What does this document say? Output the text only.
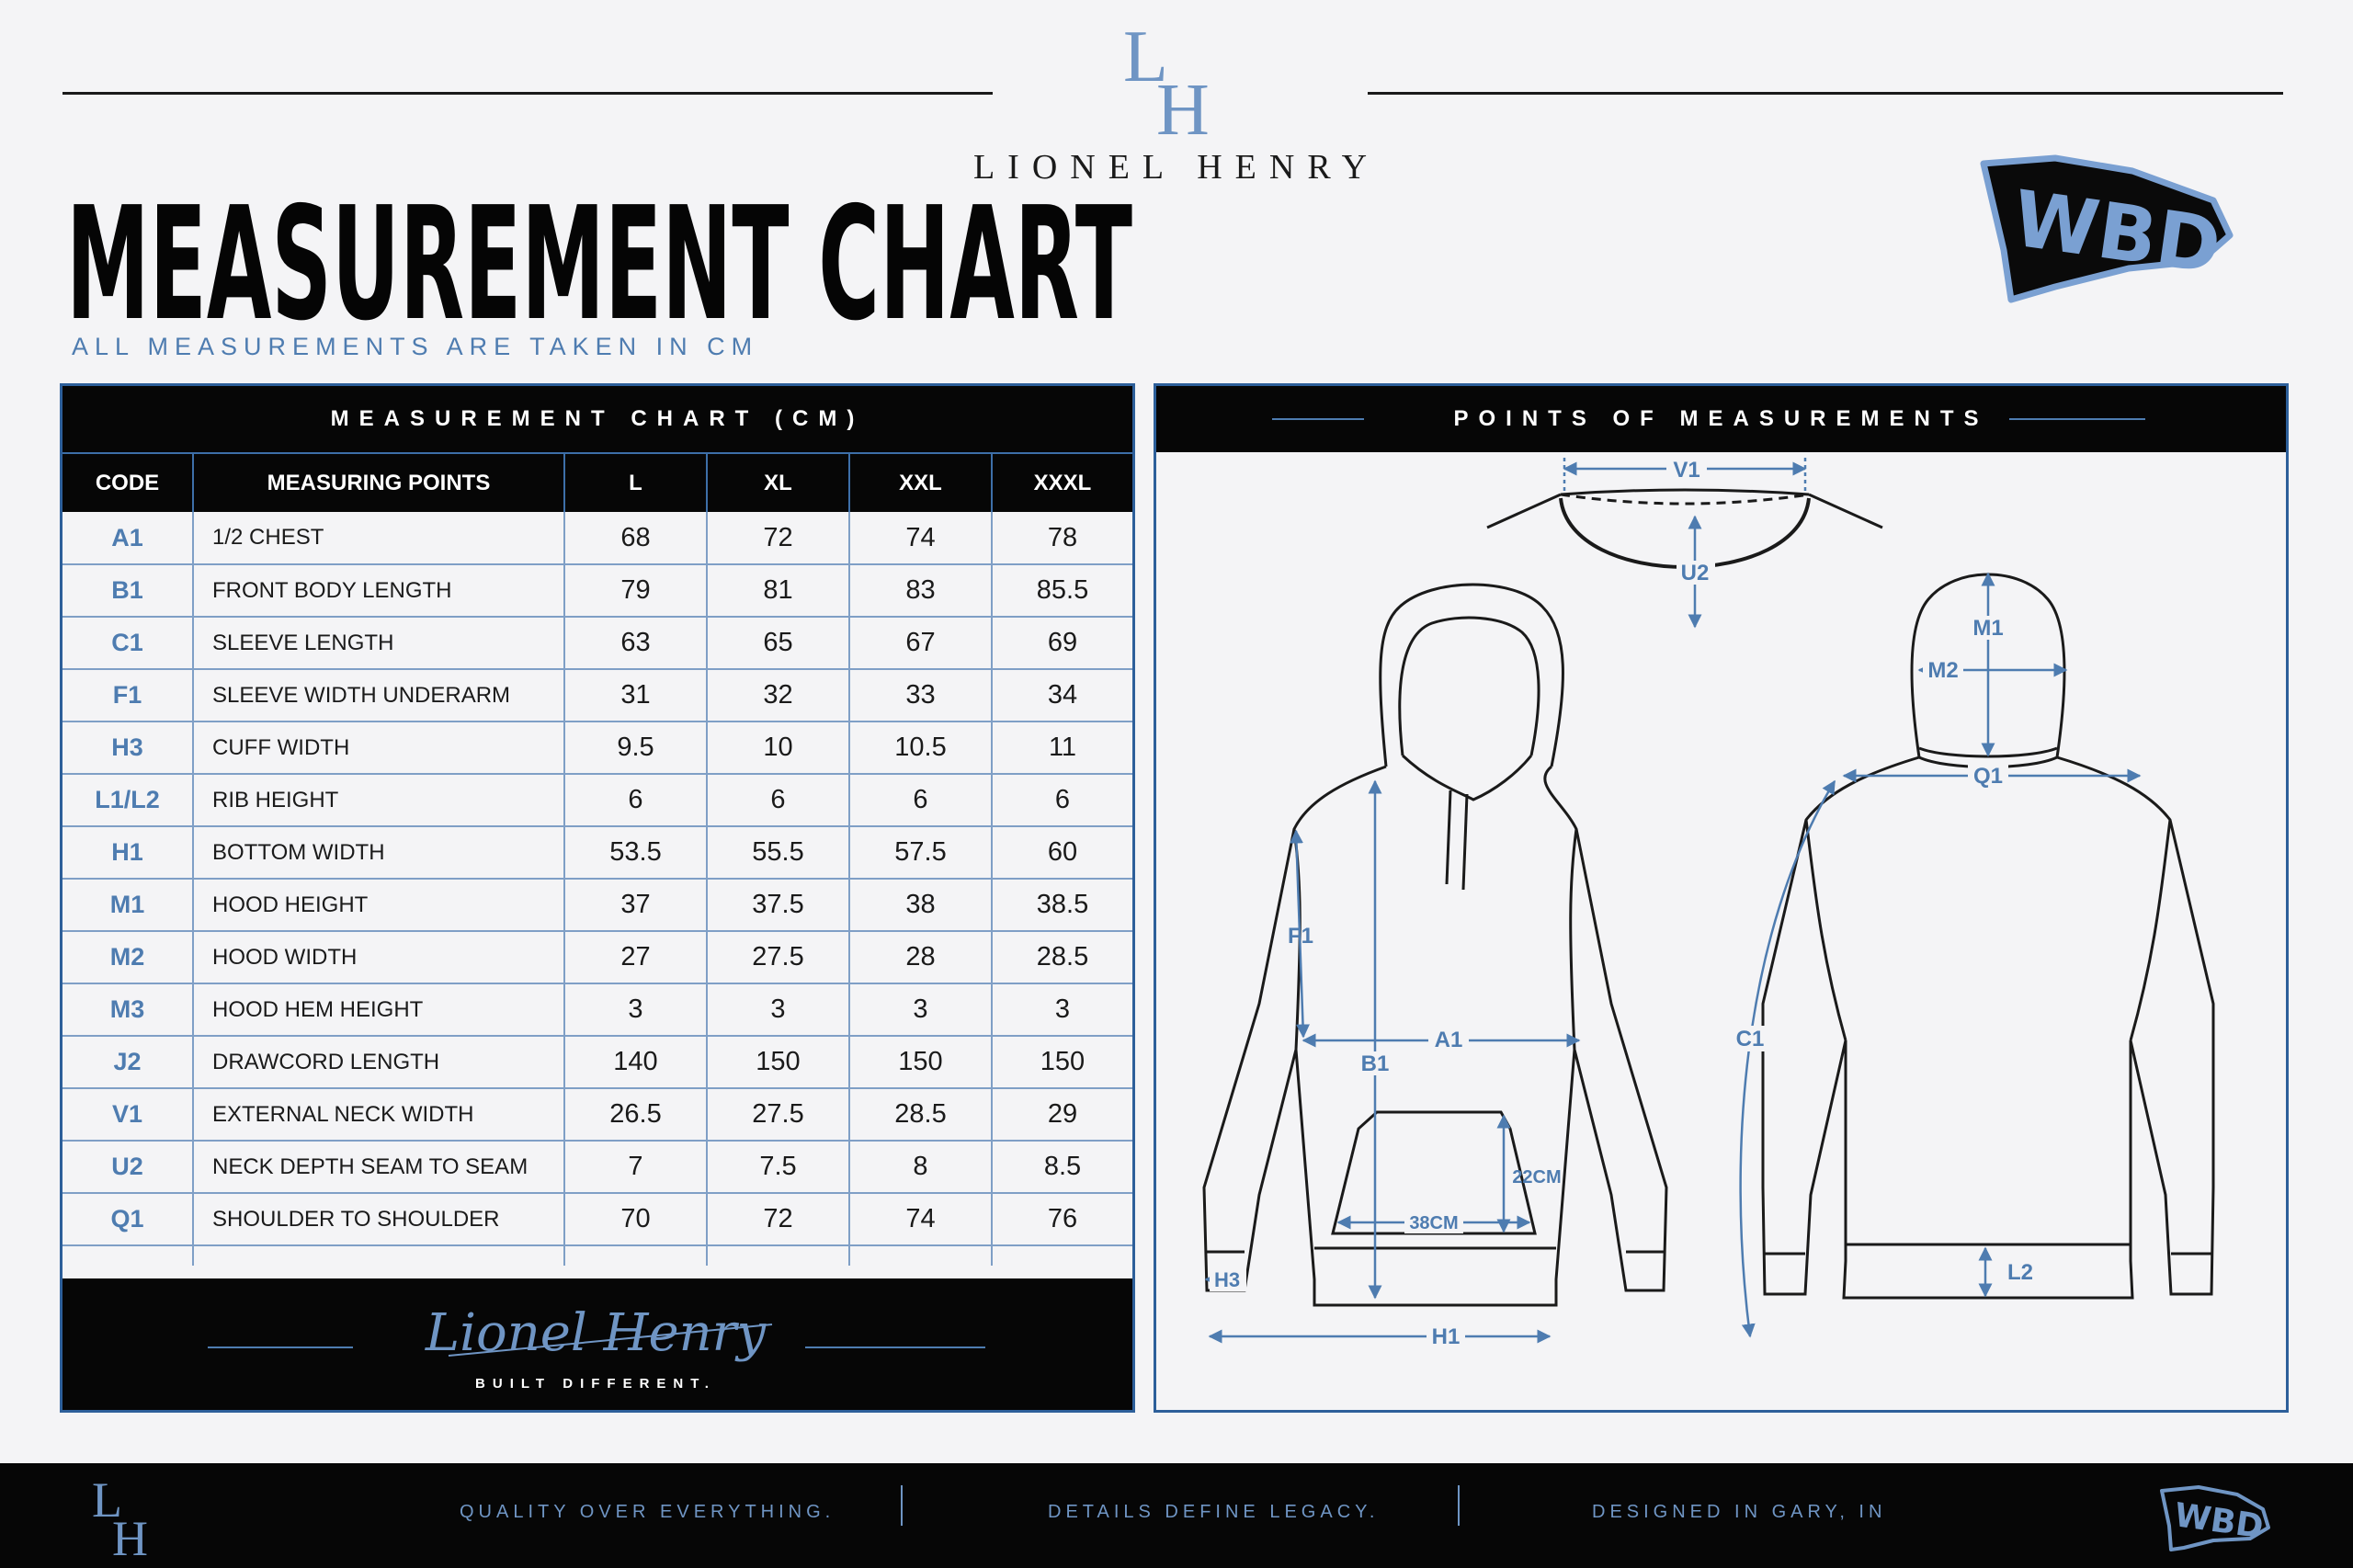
L
H
LIONEL HENRY
MEASUREMENT CHART
ALL MEASUREMENTS ARE TAKEN IN CM
WBD
MEASUREMENT CHART (CM)
CODE	MEASURING POINTS	L	XL	XXL	XXXL
A1	1/2 CHEST	68	72	74	78
B1	FRONT BODY LENGTH	79	81	83	85.5
C1	SLEEVE LENGTH	63	65	67	69
F1	SLEEVE WIDTH UNDERARM	31	32	33	34
H3	CUFF WIDTH	9.5	10	10.5	11
L1/L2	RIB HEIGHT	6	6	6	6
H1	BOTTOM WIDTH	53.5	55.5	57.5	60
M1	HOOD HEIGHT	37	37.5	38	38.5
M2	HOOD WIDTH	27	27.5	28	28.5
M3	HOOD HEM HEIGHT	3	3	3	3
J2	DRAWCORD LENGTH	140	150	150	150
V1	EXTERNAL NECK WIDTH	26.5	27.5	28.5	29
U2	NECK DEPTH SEAM TO SEAM	7	7.5	8	8.5
Q1	SHOULDER TO SHOULDER	70	72	74	76

Lionel Henry
BUILT DIFFERENT.
POINTS OF MEASUREMENTS
V1
U2
F1
A1
B1
22CM
38CM
H3
H1
M1
M2
Q1
C1
L2
L
H	QUALITY OVER EVERYTHING.	DETAILS DEFINE LEGACY.	DESIGNED IN GARY, IN	WBD
